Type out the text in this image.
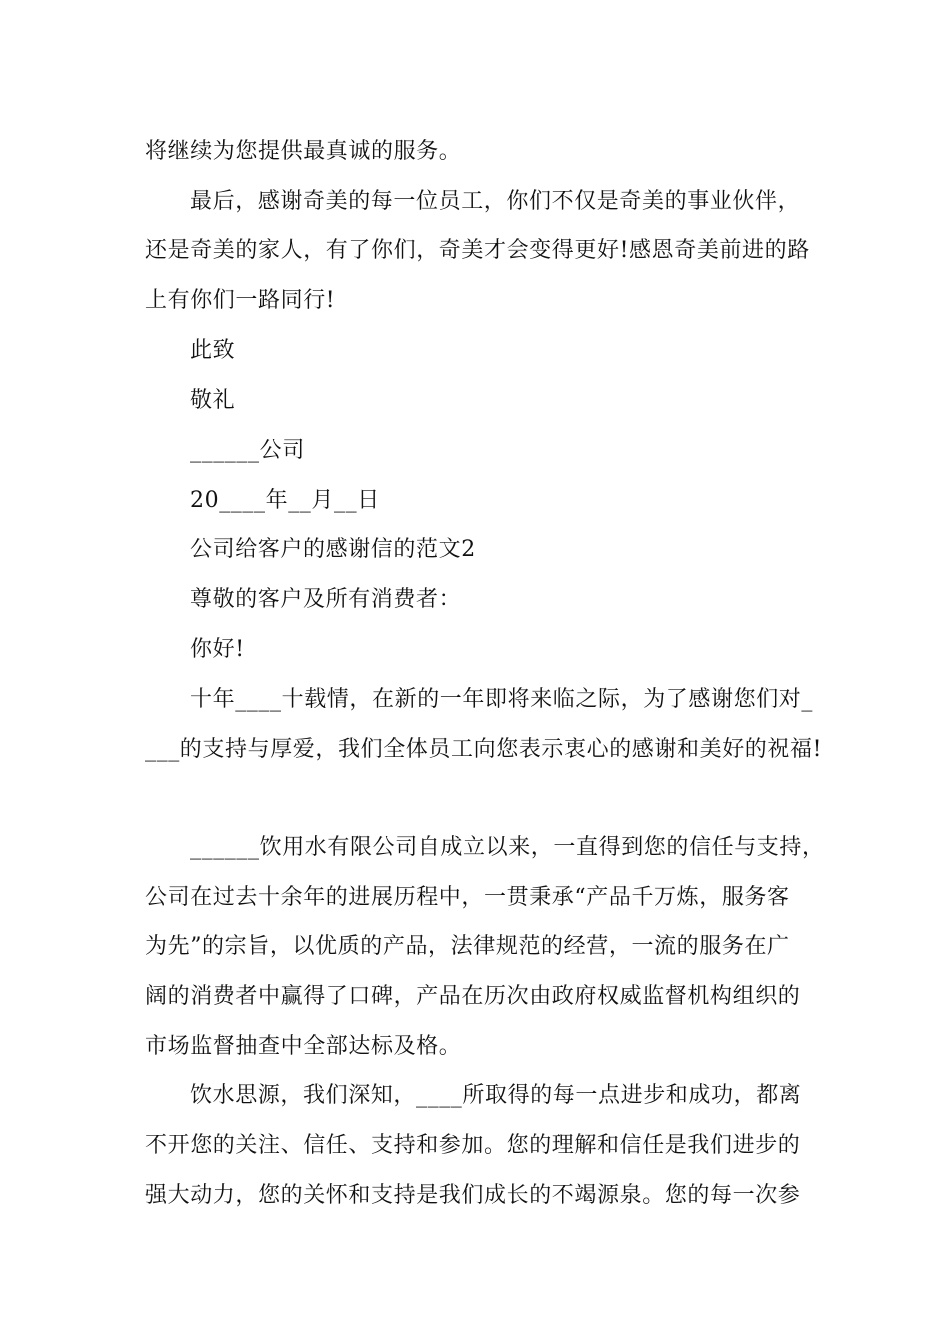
将继续为您提供最真诚的服务。
最后，感谢奇美的每一位员工，你们不仅是奇美的事业伙伴，
还是奇美的家人，有了你们，奇美才会变得更好!感恩奇美前进的路
上有你们一路同行!
此致
敬礼
______公司
20____年__月__日
公司给客户的感谢信的范文2
尊敬的客户及所有消费者：
你好!
十年____十载情，在新的一年即将来临之际，为了感谢您们对_
___的支持与厚爱，我们全体员工向您表示衷心的感谢和美好的祝福!
______饮用水有限公司自成立以来，一直得到您的信任与支持，
公司在过去十余年的进展历程中，一贯秉承“产品千万炼，服务客
为先”的宗旨，以优质的产品，法律规范的经营，一流的服务在广
阔的消费者中赢得了口碑，产品在历次由政府权威监督机构组织的
市场监督抽查中全部达标及格。
饮水思源，我们深知，____所取得的每一点进步和成功，都离
不开您的关注、信任、支持和参加。您的理解和信任是我们进步的
强大动力，您的关怀和支持是我们成长的不竭源泉。您的每一次参
